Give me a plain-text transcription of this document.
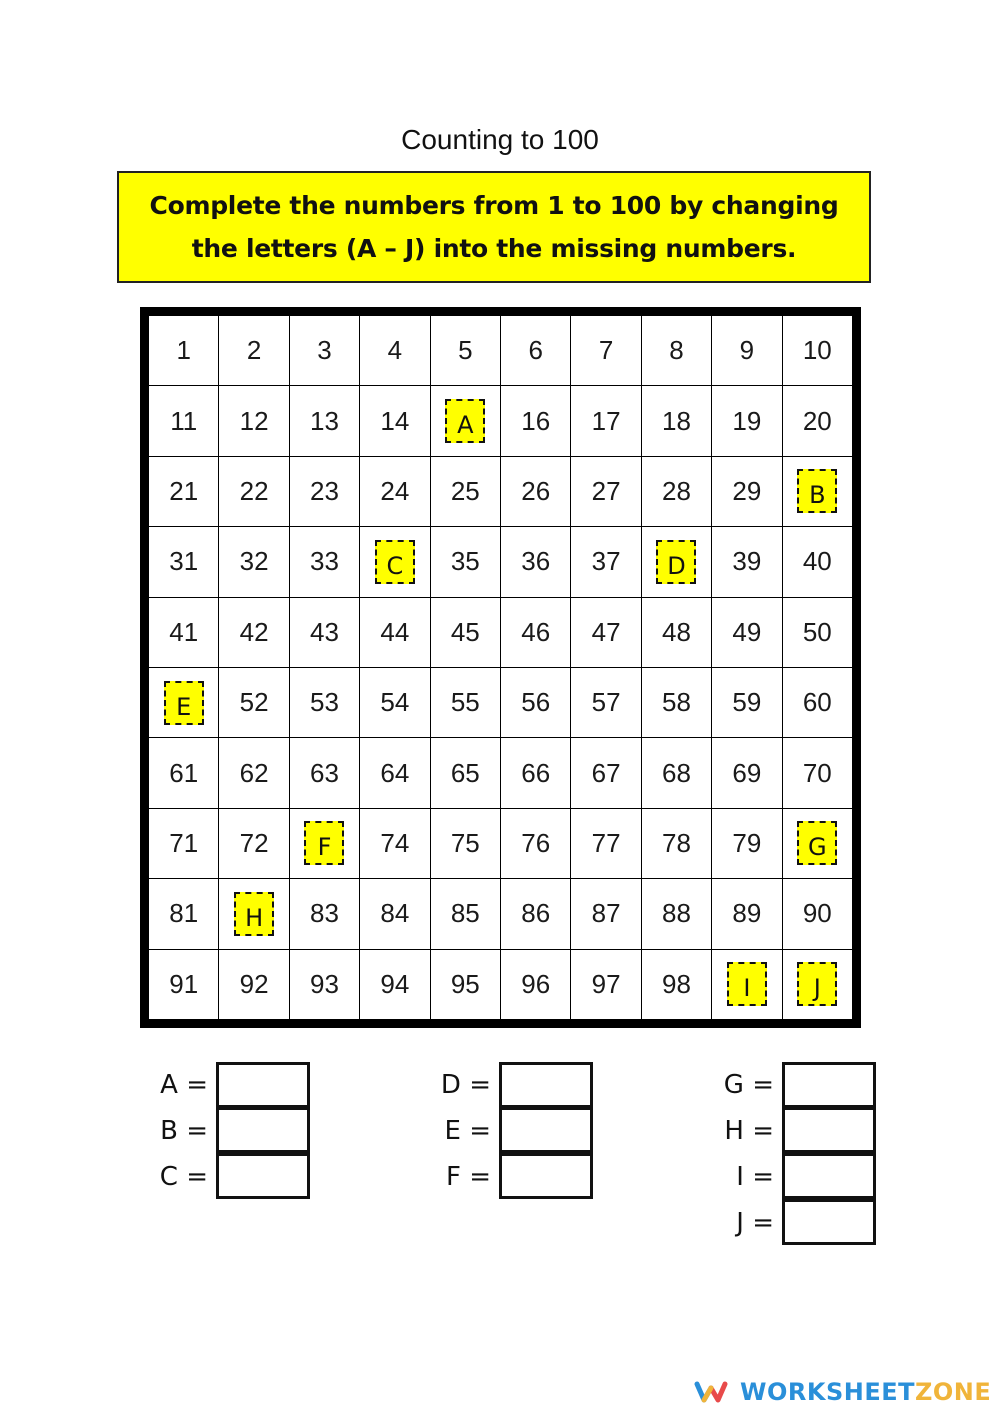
Counting to 100
Complete the numbers from 1 to 100 by changing
the letters (A – J) into the missing numbers.
1	2	3	4	5	6	7	8	9	10
11	12	13	14	A	16	17	18	19	20
21	22	23	24	25	26	27	28	29	B
31	32	33	C	35	36	37	D	39	40
41	42	43	44	45	46	47	48	49	50
E	52	53	54	55	56	57	58	59	60
61	62	63	64	65	66	67	68	69	70
71	72	F	74	75	76	77	78	79	G
81	H	83	84	85	86	87	88	89	90
91	92	93	94	95	96	97	98	I	J
A =
B =
C =
D =
E =
F =
G =
H =
I =
J =
WORKSHEET ZONE
